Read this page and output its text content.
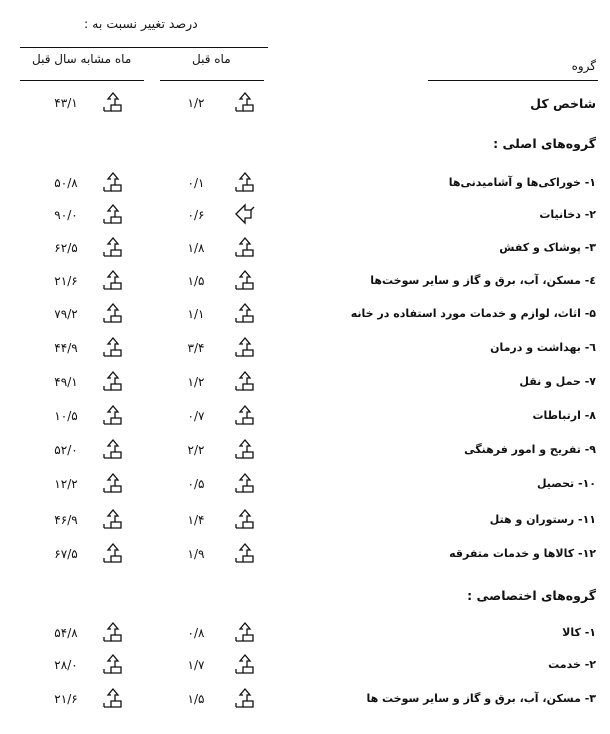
درصد تغییر نسبت به :
ماه مشابه سال قبل	ماه قبل	گروه
شاخص کل
۱/۲
۴۳/۱
گروه‌های اصلی :
۱- خوراکی‌ها و آشامیدنی‌ها
۰/۱
۵۰/۸
۲- دخانیات
۰/۶
۹۰/۰
۳- پوشاک و کفش
۱/۸
۶۲/۵
٤- مسکن، آب، برق و گاز و سایر سوخت‌ها
۱/۵
۲۱/۶
۵- اثاث، لوازم و خدمات مورد استفاده در خانه
۱/۱
۷۹/۲
٦- بهداشت و درمان
۳/۴
۴۴/۹
۷- حمل و نقل
۱/۲
۴۹/۱
۸- ارتباطات
۰/۷
۱۰/۵
۹- تفریح و امور فرهنگی
۲/۲
۵۲/۰
۱۰- تحصیل
۰/۵
۱۲/۲
۱۱- رستوران و هتل
۱/۴
۴۶/۹
۱۲- کالاها و خدمات متفرقه
۱/۹
۶۷/۵
گروه‌های اختصاصی :
۱- کالا
۰/۸
۵۴/۸
۲- خدمت
۱/۷
۲۸/۰
۳- مسکن، آب، برق و گاز و سایر سوخت ها
۱/۵
۲۱/۶
